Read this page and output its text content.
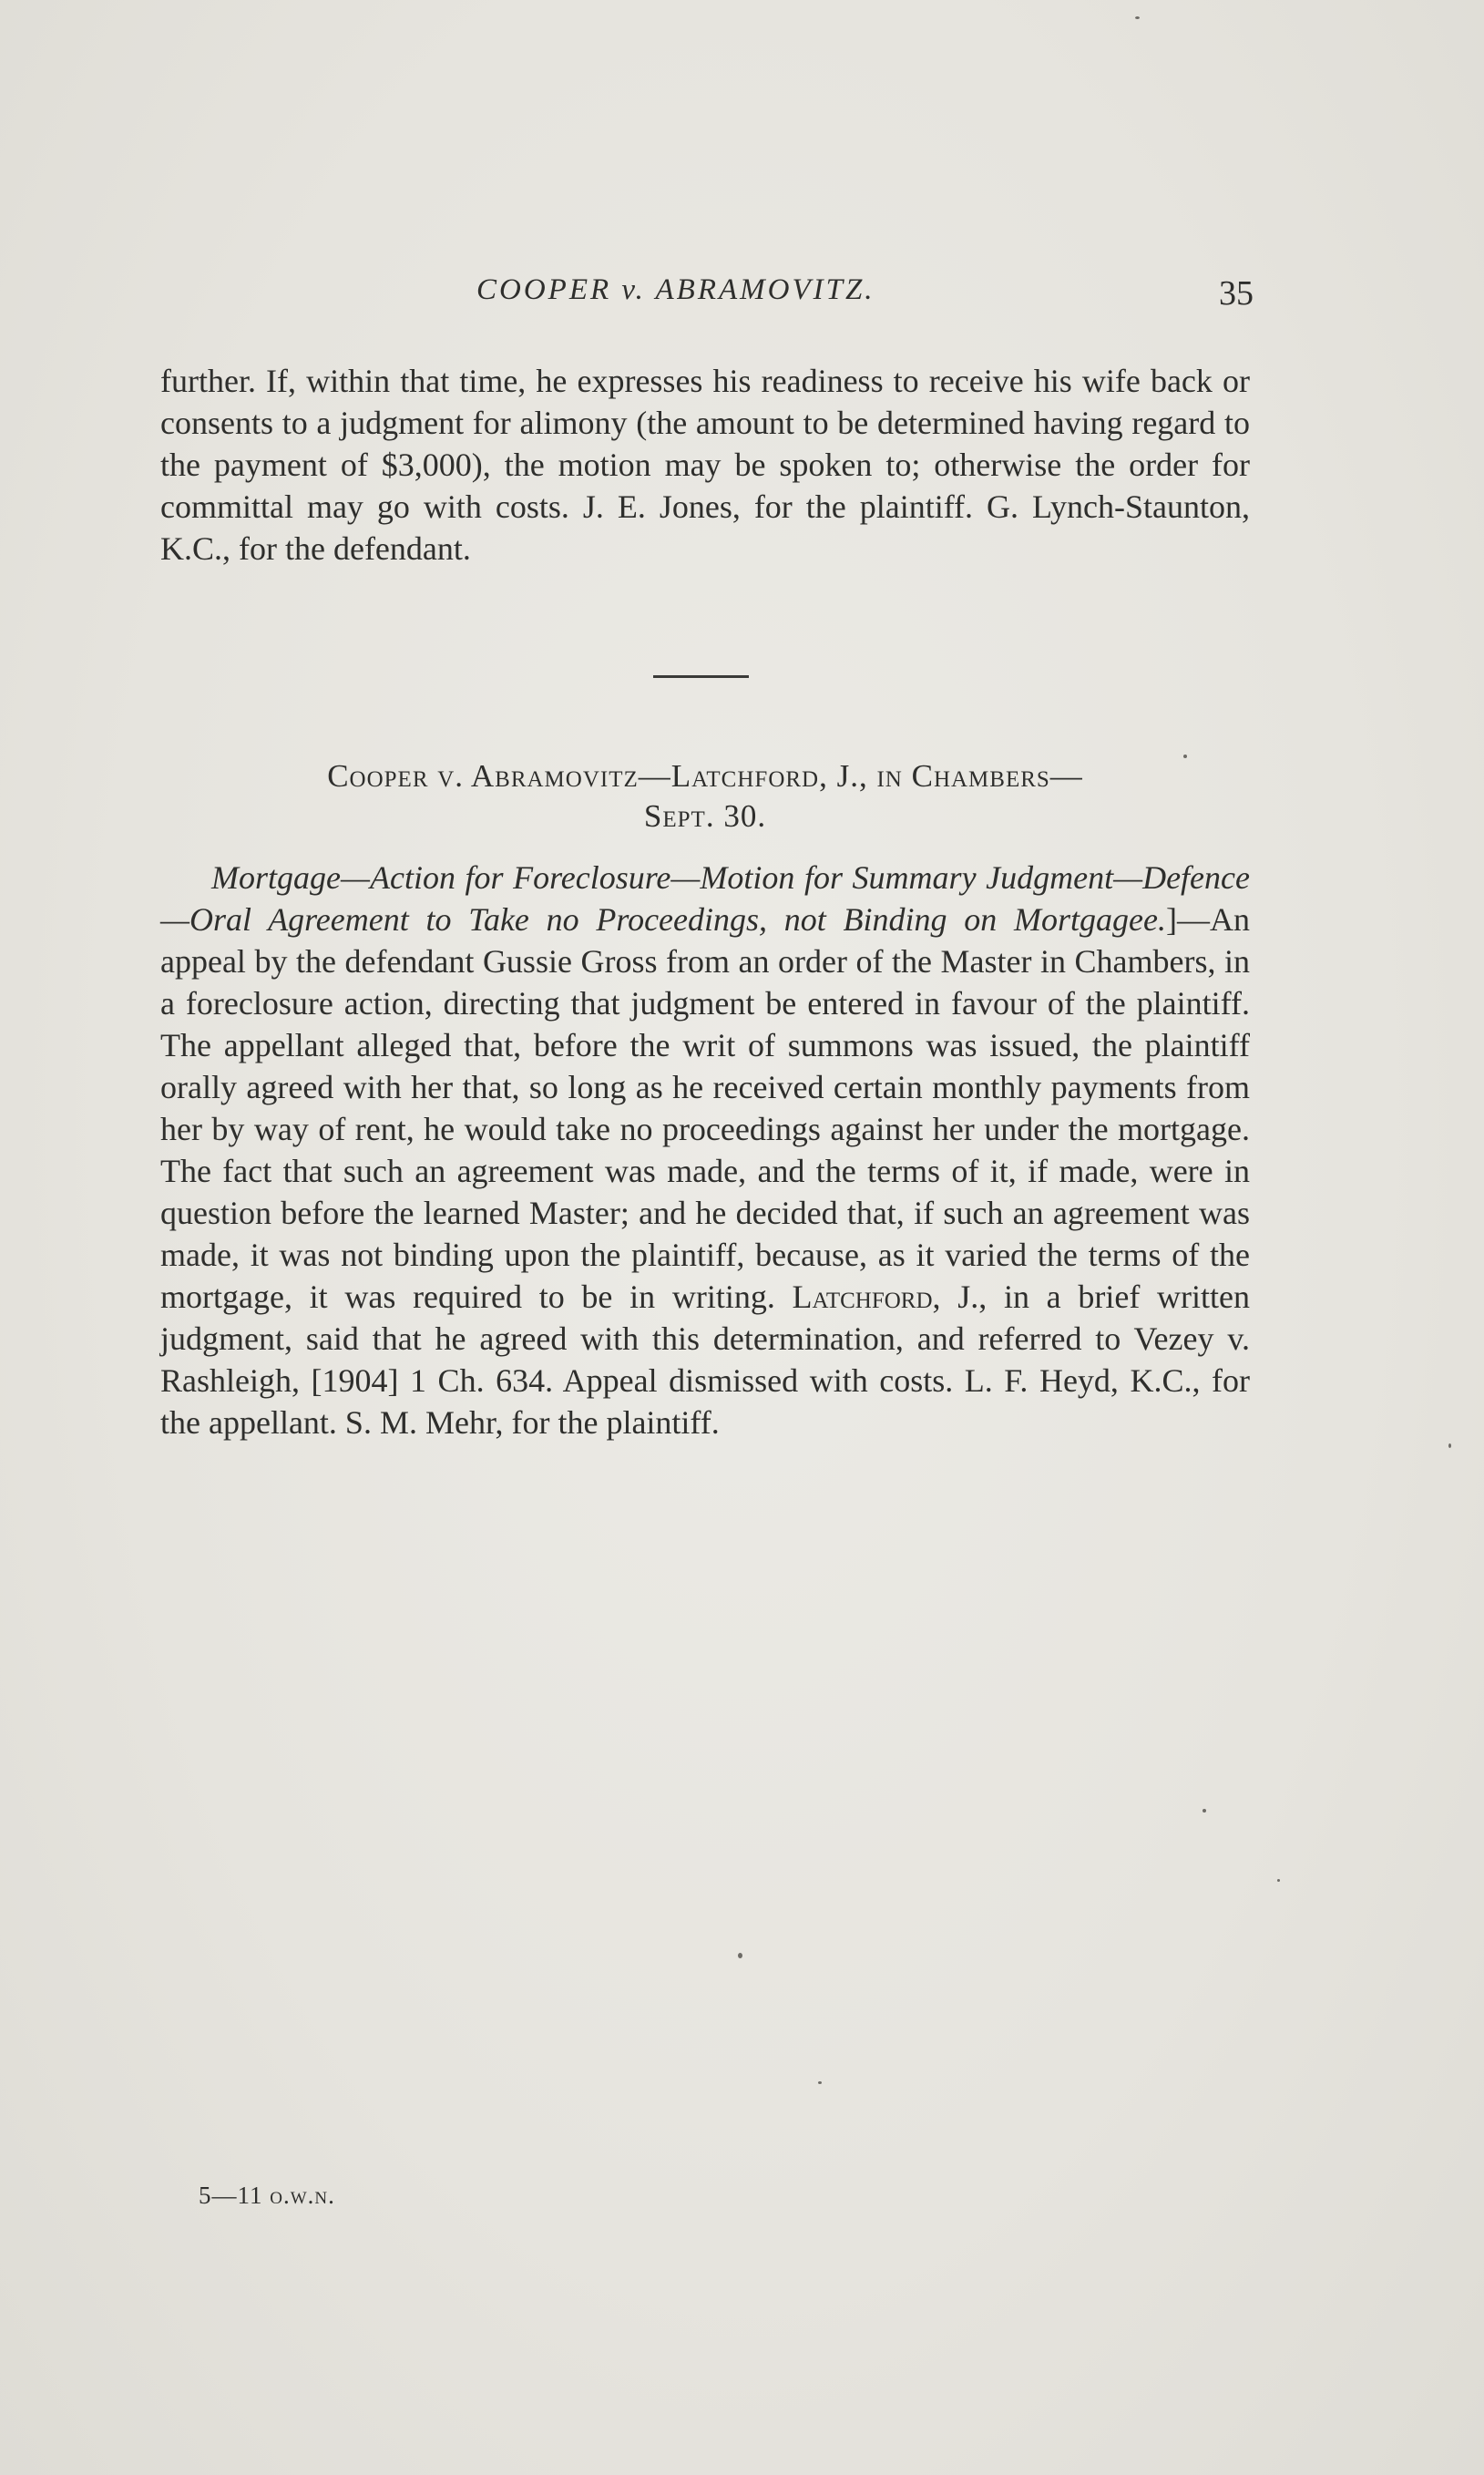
COOPER v. ABRAMOVITZ.	35

further. If, within that time, he expresses his readiness to receive his wife back or consents to a judgment for alimony (the amount to be determined having regard to the payment of $3,000), the motion may be spoken to; otherwise the order for committal may go with costs. J. E. Jones, for the plaintiff. G. Lynch-Staunton, K.C., for the defendant.

Cooper v. Abramovitz—Latchford, J., in Chambers—
Sept. 30.

Mortgage—Action for Foreclosure—Motion for Summary Judgment—Defence—Oral Agreement to Take no Proceedings, not Binding on Mortgagee.]—An appeal by the defendant Gussie Gross from an order of the Master in Chambers, in a foreclosure action, directing that judgment be entered in favour of the plaintiff. The appellant alleged that, before the writ of summons was issued, the plaintiff orally agreed with her that, so long as he received certain monthly payments from her by way of rent, he would take no proceedings against her under the mortgage. The fact that such an agreement was made, and the terms of it, if made, were in question before the learned Master; and he decided that, if such an agreement was made, it was not binding upon the plaintiff, because, as it varied the terms of the mortgage, it was required to be in writing. Latchford, J., in a brief written judgment, said that he agreed with this determination, and referred to Vezey v. Rashleigh, [1904] 1 Ch. 634. Appeal dismissed with costs. L. F. Heyd, K.C., for the appellant. S. M. Mehr, for the plaintiff.

5—11 o.w.n.
